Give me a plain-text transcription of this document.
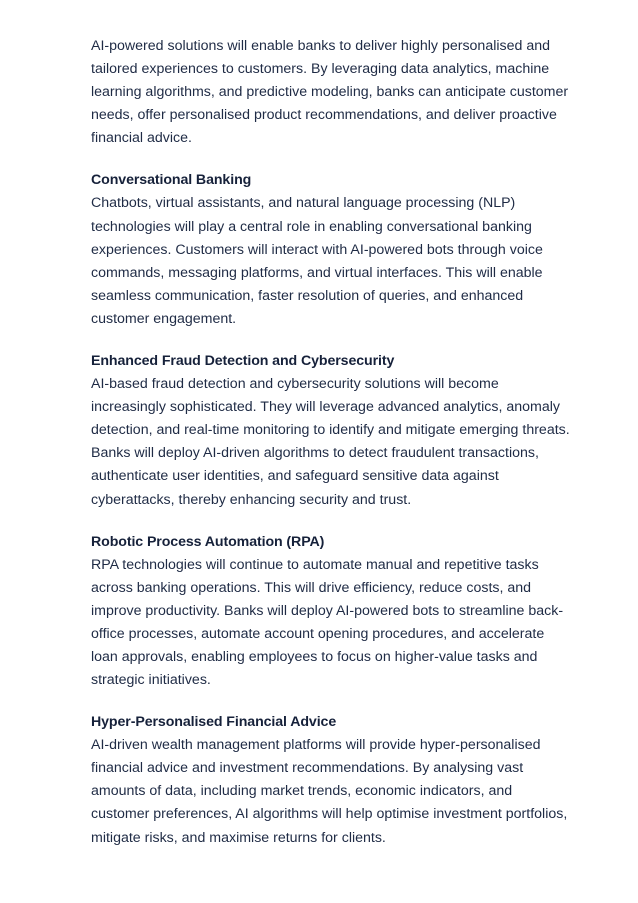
AI-powered solutions will enable banks to deliver highly personalised and tailored experiences to customers. By leveraging data analytics, machine learning algorithms, and predictive modeling, banks can anticipate customer needs, offer personalised product recommendations, and deliver proactive financial advice.

Conversational Banking

Chatbots, virtual assistants, and natural language processing (NLP) technologies will play a central role in enabling conversational banking experiences. Customers will interact with AI-powered bots through voice commands, messaging platforms, and virtual interfaces. This will enable seamless communication, faster resolution of queries, and enhanced customer engagement.

Enhanced Fraud Detection and Cybersecurity

AI-based fraud detection and cybersecurity solutions will become increasingly sophisticated. They will leverage advanced analytics, anomaly detection, and real-time monitoring to identify and mitigate emerging threats. Banks will deploy AI-driven algorithms to detect fraudulent transactions, authenticate user identities, and safeguard sensitive data against cyberattacks, thereby enhancing security and trust.

Robotic Process Automation (RPA)

RPA technologies will continue to automate manual and repetitive tasks across banking operations. This will drive efficiency, reduce costs, and improve productivity. Banks will deploy AI-powered bots to streamline back-office processes, automate account opening procedures, and accelerate loan approvals, enabling employees to focus on higher-value tasks and strategic initiatives.

Hyper-Personalised Financial Advice

AI-driven wealth management platforms will provide hyper-personalised financial advice and investment recommendations. By analysing vast amounts of data, including market trends, economic indicators, and customer preferences, AI algorithms will help optimise investment portfolios, mitigate risks, and maximise returns for clients.
